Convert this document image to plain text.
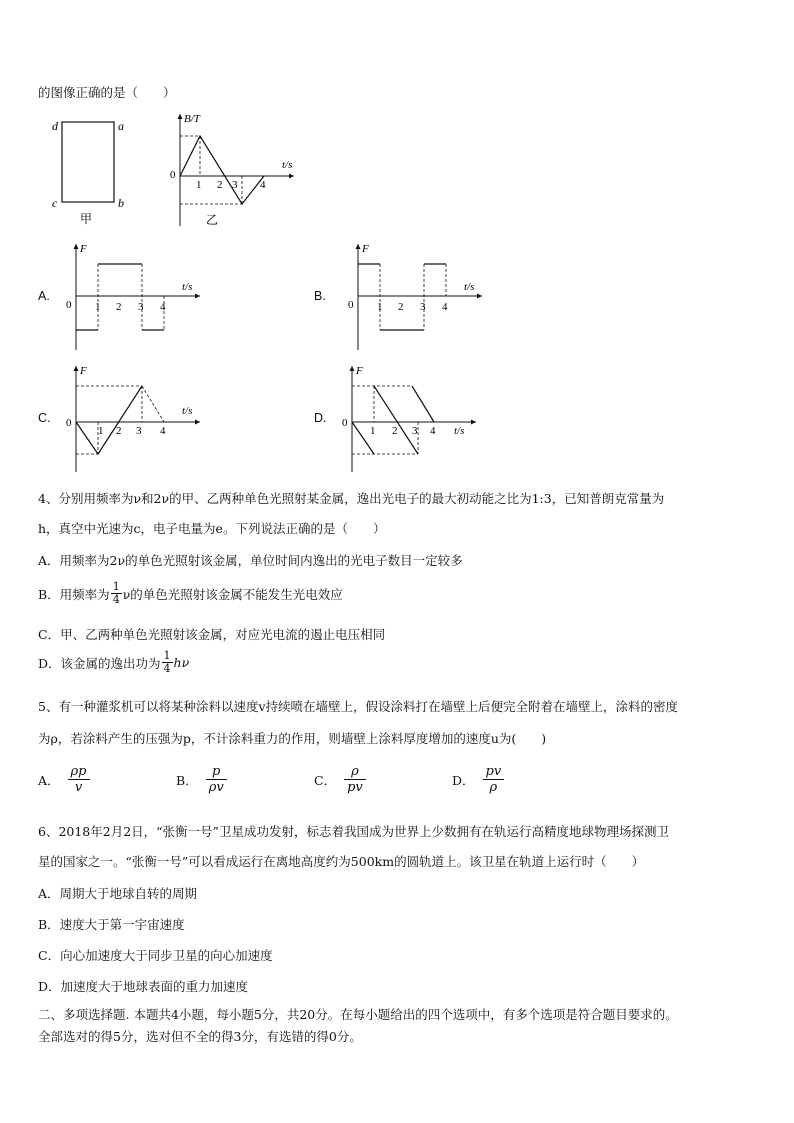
的图像正确的是（　　）
d	a
c	b
甲
B/T
t/s
0
1 2 3 4
乙
A.
F
t/s
0 1 2 3 4
B.
F
t/s
0 1 2 3 4
C.
F
t/s
0
1 2 3 4
D.
F
t/s
0
1 2 3 4
4、分别用频率为ν和2ν的甲、乙两种单色光照射某金属，逸出光电子的最大初动能之比为1:3，已知普朗克常量为
h，真空中光速为c，电子电量为e。下列说法正确的是（　　）
A．用频率为2ν的单色光照射该金属，单位时间内逸出的光电子数目一定较多
B．用频率为 $\frac{1}{4}$ ν的单色光照射该金属不能发生光电效应
C．甲、乙两种单色光照射该金属，对应光电流的遏止电压相同
D．该金属的逸出功为 $\frac{1}{4}$ hν
5、有一种灌浆机可以将某种涂料以速度v持续喷在墙壁上，假设涂料打在墙壁上后便完全附着在墙壁上，涂料的密度
为ρ，若涂料产生的压强为p，不计涂料重力的作用，则墙壁上涂料厚度增加的速度u为(　　)
A． $\frac{\rho p}{v}$	B． $\frac{p}{\rho v}$	C． $\frac{\rho}{pv}$	D． $\frac{pv}{\rho}$
6、2018年2月2日，“张衡一号”卫星成功发射，标志着我国成为世界上少数拥有在轨运行高精度地球物理场探测卫
星的国家之一。“张衡一号”可以看成运行在离地高度约为500km的圆轨道上。该卫星在轨道上运行时（　　）
A．周期大于地球自转的周期
B．速度大于第一宇宙速度
C．向心加速度大于同步卫星的向心加速度
D．加速度大于地球表面的重力加速度
二、多项选择题. 本题共4小题，每小题5分，共20分。在每小题给出的四个选项中，有多个选项是符合题目要求的。
全部选对的得5分，选对但不全的得3分，有选错的得0分。
